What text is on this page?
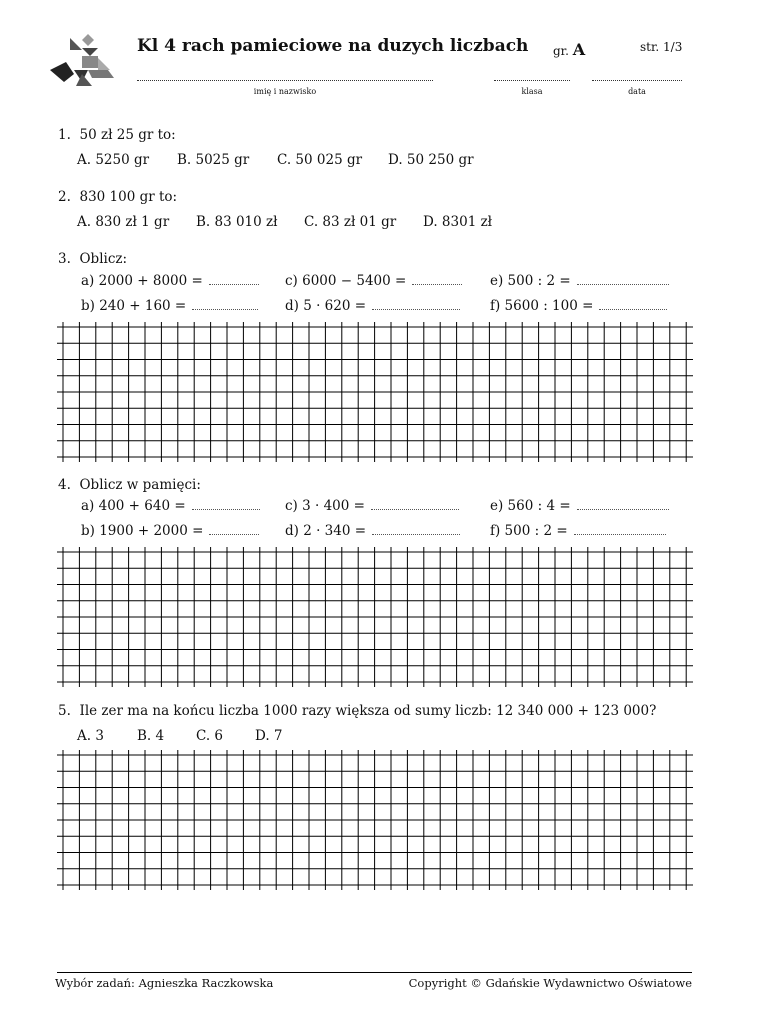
Kl 4 rach pamieciowe na duzych liczbach gr. A	str. 1/3
imię i nazwisko	klasa	data
1. 50 zł 25 gr to:
A. 5250 gr B. 5025 gr C. 50 025 gr D. 50 250 gr
2. 830 100 gr to:
A. 830 zł 1 gr B. 83 010 zł C. 83 zł 01 gr D. 8301 zł
3. Oblicz:
a) 2000 + 8000 =	c) 6000 − 5400 =	e) 500 : 2 =
b) 240 + 160 =	d) 5 · 620 =	f) 5600 : 100 =
4. Oblicz w pamięci:
a) 400 + 640 =	c) 3 · 400 =	e) 560 : 4 =
b) 1900 + 2000 =	d) 2 · 340 =	f) 500 : 2 =
5. Ile zer ma na końcu liczba 1000 razy większa od sumy liczb: 12 340 000 + 123 000?
A. 3 B. 4 C. 6 D. 7
Wybór zadań: Agnieszka Raczkowska	Copyright © Gdańskie Wydawnictwo Oświatowe
